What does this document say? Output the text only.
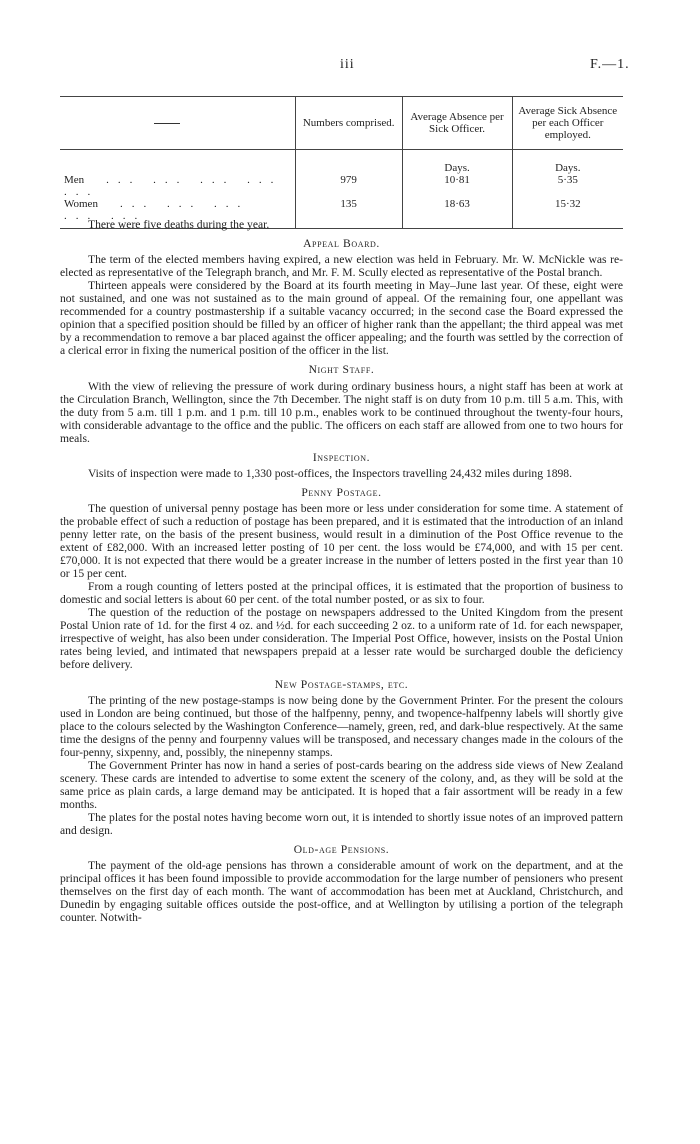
iii	F.—1.
	Numbers comprised.	Average Absence per Sick Officer.	Average Sick Absence per each Officer employed.
		Days.	Days.
Men ... ... ... ... ...	979	10·81	5·35
Women ... ... ... ... ...	135	18·63	15·32

There were five deaths during the year.

Appeal Board.

The term of the elected members having expired, a new election was held in February. Mr. W. McNickle was re-elected as representative of the Telegraph branch, and Mr. F. M. Scully elected as representative of the Postal branch.

Thirteen appeals were considered by the Board at its fourth meeting in May–June last year. Of these, eight were not sustained, and one was not sustained as to the main ground of appeal. Of the remaining four, one appellant was recommended for a country postmastership if a suitable vacancy occurred; in the second case the Board expressed the opinion that a specified position should be filled by an officer of higher rank than the appellant; the third appeal was met by a recommendation to remove a bar placed against the officer appealing; and the fourth was settled by the correction of a clerical error in fixing the numerical position of the officer in the list.

Night Staff.

With the view of relieving the pressure of work during ordinary business hours, a night staff has been at work at the Circulation Branch, Wellington, since the 7th December. The night staff is on duty from 10 p.m. till 5 a.m. This, with the duty from 5 a.m. till 1 p.m. and 1 p.m. till 10 p.m., enables work to be continued throughout the twenty-four hours, with considerable advantage to the office and the public. The officers on each staff are allowed from one to two hours for meals.

Inspection.

Visits of inspection were made to 1,330 post-offices, the Inspectors travelling 24,432 miles during 1898.

Penny Postage.

The question of universal penny postage has been more or less under consideration for some time. A statement of the probable effect of such a reduction of postage has been prepared, and it is estimated that the introduction of an inland penny letter rate, on the basis of the present business, would result in a diminution of the Post Office revenue to the extent of £82,000. With an increased letter posting of 10 per cent. the loss would be £74,000, and with 15 per cent. £70,000. It is not expected that there would be a greater increase in the number of letters posted in the first year than 10 or 15 per cent.

From a rough counting of letters posted at the principal offices, it is estimated that the proportion of business to domestic and social letters is about 60 per cent. of the total number posted, or as six to four.

The question of the reduction of the postage on newspapers addressed to the United Kingdom from the present Postal Union rate of 1d. for the first 4 oz. and ½d. for each succeeding 2 oz. to a uniform rate of 1d. for each newspaper, irrespective of weight, has also been under consideration. The Imperial Post Office, however, insists on the Postal Union rates being levied, and intimated that newspapers prepaid at a lesser rate would be surcharged double the deficiency before delivery.

New Postage-stamps, etc.

The printing of the new postage-stamps is now being done by the Government Printer. For the present the colours used in London are being continued, but those of the halfpenny, penny, and twopence-halfpenny labels will shortly give place to the colours selected by the Washington Conference—namely, green, red, and dark-blue respectively. At the same time the designs of the penny and fourpenny values will be transposed, and necessary changes made in the colours of the four-penny, sixpenny, and, possibly, the ninepenny stamps.

The Government Printer has now in hand a series of post-cards bearing on the address side views of New Zealand scenery. These cards are intended to advertise to some extent the scenery of the colony, and, as they will be sold at the same price as plain cards, a large demand may be anticipated. It is hoped that a fair assortment will be ready in a few months.

The plates for the postal notes having become worn out, it is intended to shortly issue notes of an improved pattern and design.

Old-age Pensions.

The payment of the old-age pensions has thrown a considerable amount of work on the department, and at the principal offices it has been found impossible to provide accommodation for the large number of pensioners who present themselves on the first day of each month. The want of accommodation has been met at Auckland, Christchurch, and Dunedin by engaging suitable offices outside the post-office, and at Wellington by utilising a portion of the telegraph counter. Notwith-
